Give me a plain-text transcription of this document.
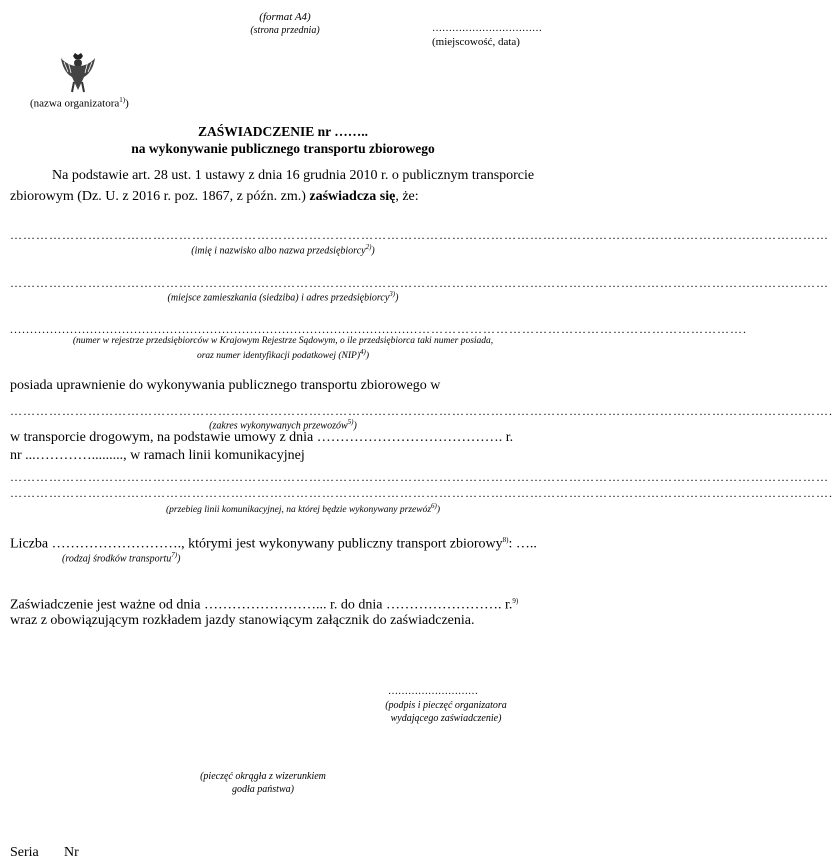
(format A4)
(strona przednia)	……………………………
(miejscowość, data)
(nazwa organizatora$^{1)}$)
ZAŚWIADCZENIE nr ……..
na wykonywanie publicznego transportu zbiorowego
Na podstawie art. 28 ust. 1 ustawy z dnia 16 grudnia 2010 r. o publicznym transporcie
zbiorowym (Dz. U. z 2016 r. poz. 1867, z późn. zm.) zaświadcza się, że:
………………………………………………………………………………………………………………………………………………………………………
(imię i nazwisko albo nazwa przedsiębiorcy$^{2)}$)
………………………………………………………………………………………………………………………………………………………………………
(miejsce zamieszkania (siedziba) i adres przedsiębiorcy$^{3)}$)
......................................................................................................………………………………………………………………….
(numer w rejestrze przedsiębiorców w Krajowym Rejestrze Sądowym, o ile przedsiębiorca taki numer posiada,
oraz numer identyfikacji podatkowej (NIP)$^{4)}$)
posiada uprawnienie do wykonywania publicznego transportu zbiorowego w
……………………………………………………………………………………………………………………………………………………………………….
(zakres wykonywanych przewozów$^{5)}$)
w transporcie drogowym, na podstawie umowy z dnia …………………………………. r.
nr ...…………........., w ramach linii komunikacyjnej
………………………………………………………………………………………………………………………………………………………………………
……………………………………………………………………………………………………………………………………………………………………….
(przebieg linii komunikacyjnej, na której będzie wykonywany przewóz$^{6)}$)
Liczba ………………………., którymi jest wykonywany publiczny transport zbiorowy$^{8)}$: …..
(rodzaj środków transportu$^{7)}$)
Zaświadczenie jest ważne od dnia ……………………... r. do dnia ……………………. r.$^{9)}$
wraz z obowiązującym rozkładem jazdy stanowiącym załącznik do zaświadczenia.
………………………
(podpis i pieczęć organizatora
wydającego zaświadczenie)
(pieczęć okrągła z wizerunkiem
godła państwa)
Seria Nr
